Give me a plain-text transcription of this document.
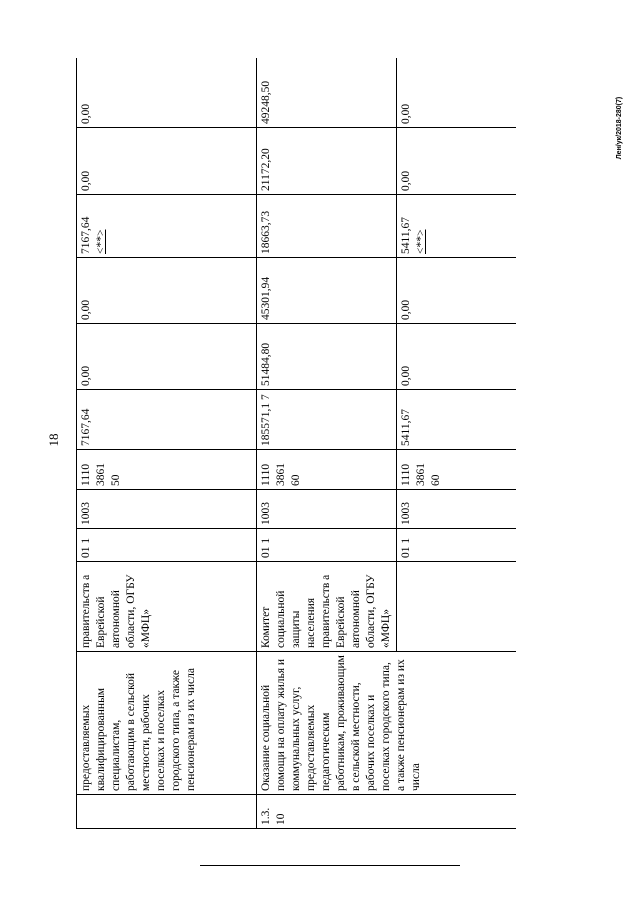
18
Лен/ук/2018-280(7)
	предоставляемых квалифицированным специалистам, работающим в сельской местности, рабочих поселках и поселках городского типа, а также пенсионерам из их числа	правительств а Еврейской автономной области, ОГБУ «МФЦ»	01 1	1003	1110 3861 50	7167,64	0,00	0,00	7167,64 <**>	0,00	0,00
1.3. 10	Оказание социальной помощи на оплату жилья и коммунальных услуг, предоставляемых педагогическим работникам, проживающим в сельской местности, рабочих поселках и поселках городского типа, а также пенсионерам из их числа	Комитет социальной защиты населения правительств а Еврейской автономной области, ОГБУ «МФЦ»	01 1	1003	1110 3861 60	185571,1 7	51484,80	45301,94	18663,73	21172,20	49248,50
			01 1	1003	1110 3861 60	5411,67	0,00	0,00	5411,67 <**>	0,00	0,00
